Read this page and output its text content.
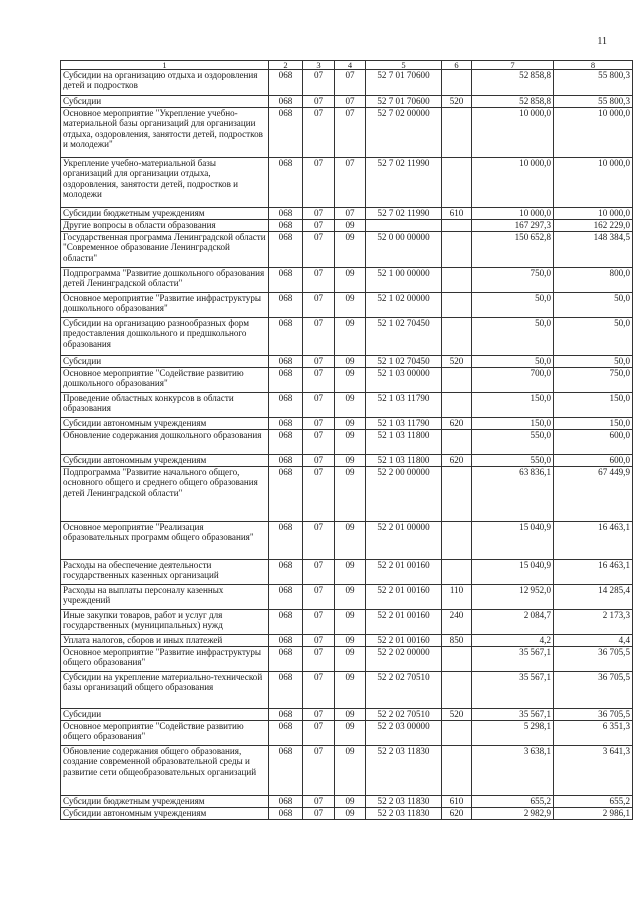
11
1	2	3	4	5	6	7	8
Субсидии на организацию отдыха и оздоровления детей и подростков	068	07	07	52 7 01 70600		52 858,8	55 800,3
Субсидии	068	07	07	52 7 01 70600	520	52 858,8	55 800,3
Основное мероприятие "Укрепление учебно-материальной базы организаций для организации отдыха, оздоровления, занятости детей, подростков и молодежи"	068	07	07	52 7 02 00000		10 000,0	10 000,0
Укрепление учебно-материальной базы организаций для организации отдыха, оздоровления, занятости детей, подростков и молодежи	068	07	07	52 7 02 11990		10 000,0	10 000,0
Субсидии бюджетным учреждениям	068	07	07	52 7 02 11990	610	10 000,0	10 000,0
Другие вопросы в области образования	068	07	09			167 297,3	162 229,0
Государственная программа Ленинградской области "Современное образование Ленинградской области"	068	07	09	52 0 00 00000		150 652,8	148 384,5
Подпрограмма "Развитие дошкольного образования детей Ленинградской области"	068	07	09	52 1 00 00000		750,0	800,0
Основное мероприятие "Развитие инфраструктуры дошкольного образования"	068	07	09	52 1 02 00000		50,0	50,0
Субсидии на организацию разнообразных форм предоставления дошкольного и предшкольного образования	068	07	09	52 1 02 70450		50,0	50,0
Субсидии	068	07	09	52 1 02 70450	520	50,0	50,0
Основное мероприятие "Содействие развитию дошкольного образования"	068	07	09	52 1 03 00000		700,0	750,0
Проведение областных конкурсов в области образования	068	07	09	52 1 03 11790		150,0	150,0
Субсидии автономным учреждениям	068	07	09	52 1 03 11790	620	150,0	150,0
Обновление содержания дошкольного образования	068	07	09	52 1 03 11800		550,0	600,0
Субсидии автономным учреждениям	068	07	09	52 1 03 11800	620	550,0	600,0
Подпрограмма "Развитие начального общего, основного общего и среднего общего образования детей Ленинградской области"	068	07	09	52 2 00 00000		63 836,1	67 449,9
Основное мероприятие "Реализация образовательных программ общего образования"	068	07	09	52 2 01 00000		15 040,9	16 463,1
Расходы на обеспечение деятельности государственных казенных организаций	068	07	09	52 2 01 00160		15 040,9	16 463,1
Расходы на выплаты персоналу казенных учреждений	068	07	09	52 2 01 00160	110	12 952,0	14 285,4
Иные закупки товаров, работ и услуг для государственных (муниципальных) нужд	068	07	09	52 2 01 00160	240	2 084,7	2 173,3
Уплата налогов, сборов и иных платежей	068	07	09	52 2 01 00160	850	4,2	4,4
Основное мероприятие "Развитие инфраструктуры общего образования"	068	07	09	52 2 02 00000		35 567,1	36 705,5
Субсидии на укрепление материально-технической базы организаций общего образования	068	07	09	52 2 02 70510		35 567,1	36 705,5
Субсидии	068	07	09	52 2 02 70510	520	35 567,1	36 705,5
Основное мероприятие "Содействие развитию общего образования"	068	07	09	52 2 03 00000		5 298,1	6 351,3
Обновление содержания общего образования, создание современной образовательной среды и развитие сети общеобразовательных организаций	068	07	09	52 2 03 11830		3 638,1	3 641,3
Субсидии бюджетным учреждениям	068	07	09	52 2 03 11830	610	655,2	655,2
Субсидии автономным учреждениям	068	07	09	52 2 03 11830	620	2 982,9	2 986,1
